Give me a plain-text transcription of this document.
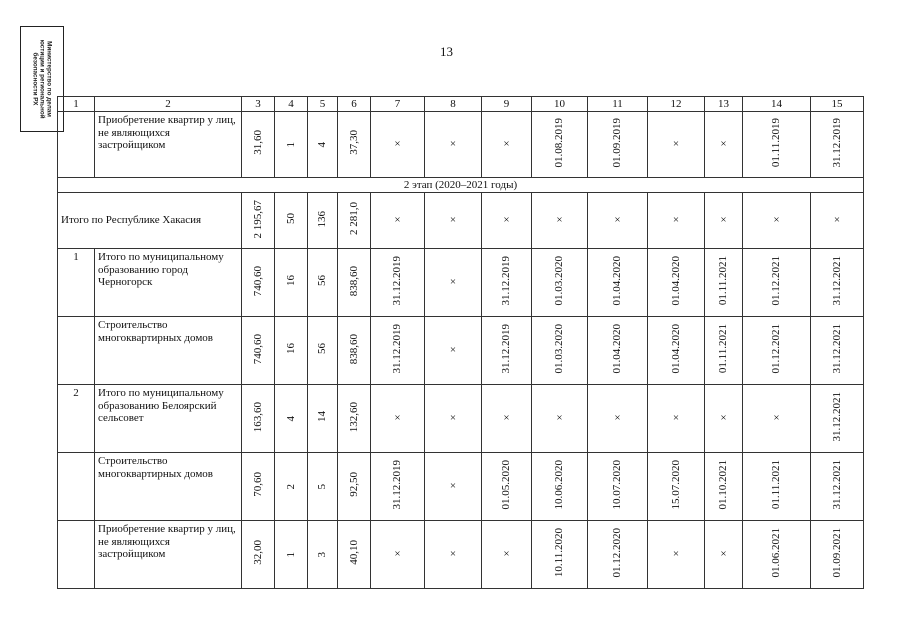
13
Министерство по делам
юстиции и региональной
безопасности РХ	1	2	3	4	5	6	7	8	9	10	11	12	13	14	15
	Приобретение квартир у лиц, не являющихся застройщиком	31,60	1	4	37,30	×	×	×	01.08.2019	01.09.2019	×	×	01.11.2019	31.12.2019
2 этап (2020–2021 годы)														
Итого по Республике Хакасия		2 195,67	50	136	2 281,0	×	×	×	×	×	×	×	×	×
1	Итого по муниципальному образованию город Черногорск	740,60	16	56	838,60	31.12.2019	×	31.12.2019	01.03.2020	01.04.2020	01.04.2020	01.11.2021	01.12.2021	31.12.2021
	Строительство многоквартирных домов	740,60	16	56	838,60	31.12.2019	×	31.12.2019	01.03.2020	01.04.2020	01.04.2020	01.11.2021	01.12.2021	31.12.2021
2	Итого по муниципальному образованию Белоярский сельсовет	163,60	4	14	132,60	×	×	×	×	×	×	×	×	31.12.2021
	Строительство многоквартирных домов	70,60	2	5	92,50	31.12.2019	×	01.05.2020	10.06.2020	10.07.2020	15.07.2020	01.10.2021	01.11.2021	31.12.2021
	Приобретение квартир у лиц, не являющихся застройщиком	32,00	1	3	40,10	×	×	×	10.11.2020	01.12.2020	×	×	01.06.2021	01.09.2021
